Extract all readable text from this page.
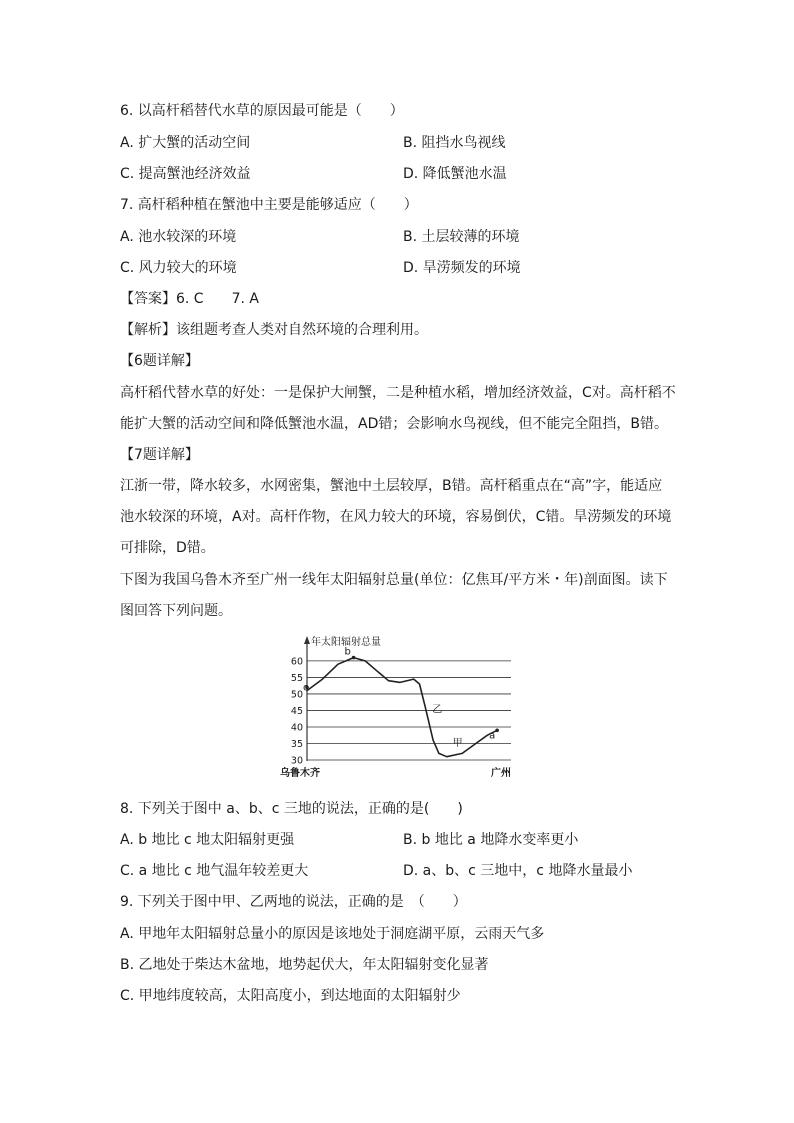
6. 以高杆稻替代水草的原因最可能是（　　）
A. 扩大蟹的活动空间	B. 阻挡水鸟视线
C. 提高蟹池经济效益	D. 降低蟹池水温
7. 高杆稻种植在蟹池中主要是能够适应（　　）
A. 池水较深的环境	B. 土层较薄的环境
C. 风力较大的环境	D. 旱涝频发的环境
【答案】6. C　　7. A
【解析】该组题考查人类对自然环境的合理利用。
【6题详解】
高杆稻代替水草的好处：一是保护大闸蟹，二是种植水稻，增加经济效益，C对。高杆稻不
能扩大蟹的活动空间和降低蟹池水温，AD错；会影响水鸟视线，但不能完全阻挡，B错。
【7题详解】
江浙一带，降水较多，水网密集，蟹池中土层较厚，B错。高杆稻重点在“高”字，能适应
池水较深的环境，A对。高杆作物，在风力较大的环境，容易倒伏，C错。旱涝频发的环境
可排除，D错。
下图为我国乌鲁木齐至广州一线年太阳辐射总量(单位：亿焦耳/平方米・年)剖面图。读下
图回答下列问题。
年太阳辐射总量
60
55
50
45
40
35
30
乌鲁木齐	广州
c
b
乙
甲
a
8. 下列关于图中 a、b、c 三地的说法，正确的是(　　)
A. b 地比 c 地太阳辐射更强	B. b 地比 a 地降水变率更小
C. a 地比 c 地气温年较差更大	D. a、b、c 三地中，c 地降水量最小
9. 下列关于图中甲、乙两地的说法，正确的是　（　　）
A. 甲地年太阳辐射总量小的原因是该地处于洞庭湖平原，云雨天气多
B. 乙地处于柴达木盆地，地势起伏大，年太阳辐射变化显著
C. 甲地纬度较高，太阳高度小，到达地面的太阳辐射少
